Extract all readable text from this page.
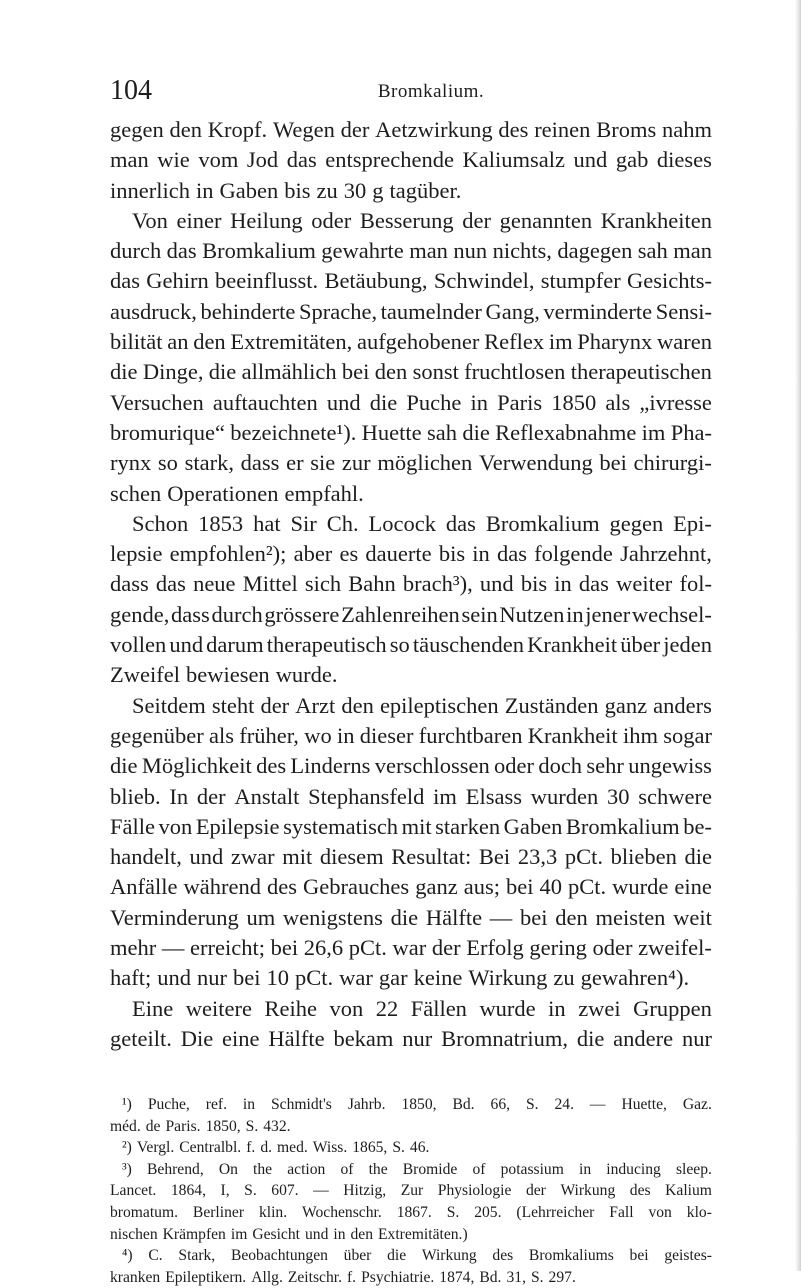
104	Bromkalium.
gegen den Kropf. Wegen der Aetzwirkung des reinen Broms nahm
man wie vom Jod das entsprechende Kaliumsalz und gab dieses
innerlich in Gaben bis zu 30 g tagüber.
Von einer Heilung oder Besserung der genannten Krankheiten
durch das Bromkalium gewahrte man nun nichts, dagegen sah man
das Gehirn beeinflusst. Betäubung, Schwindel, stumpfer Gesichts-
ausdruck, behinderte Sprache, taumelnder Gang, verminderte Sensi-
bilität an den Extremitäten, aufgehobener Reflex im Pharynx waren
die Dinge, die allmählich bei den sonst fruchtlosen therapeutischen
Versuchen auftauchten und die Puche in Paris 1850 als „ivresse
bromurique“ bezeichnete¹). Huette sah die Reflexabnahme im Pha-
rynx so stark, dass er sie zur möglichen Verwendung bei chirurgi-
schen Operationen empfahl.
Schon 1853 hat Sir Ch. Locock das Bromkalium gegen Epi-
lepsie empfohlen²); aber es dauerte bis in das folgende Jahrzehnt,
dass das neue Mittel sich Bahn brach³), und bis in das weiter fol-
gende, dass durch grössere Zahlenreihen sein Nutzen in jener wechsel-
vollen und darum therapeutisch so täuschenden Krankheit über jeden
Zweifel bewiesen wurde.
Seitdem steht der Arzt den epileptischen Zuständen ganz anders
gegenüber als früher, wo in dieser furchtbaren Krankheit ihm sogar
die Möglichkeit des Linderns verschlossen oder doch sehr ungewiss
blieb. In der Anstalt Stephansfeld im Elsass wurden 30 schwere
Fälle von Epilepsie systematisch mit starken Gaben Bromkalium be-
handelt, und zwar mit diesem Resultat: Bei 23,3 pCt. blieben die
Anfälle während des Gebrauches ganz aus; bei 40 pCt. wurde eine
Verminderung um wenigstens die Hälfte — bei den meisten weit
mehr — erreicht; bei 26,6 pCt. war der Erfolg gering oder zweifel-
haft; und nur bei 10 pCt. war gar keine Wirkung zu gewahren⁴).
Eine weitere Reihe von 22 Fällen wurde in zwei Gruppen
geteilt. Die eine Hälfte bekam nur Bromnatrium, die andere nur
¹) Puche, ref. in Schmidt's Jahrb. 1850, Bd. 66, S. 24. — Huette, Gaz.
méd. de Paris. 1850, S. 432.
²) Vergl. Centralbl. f. d. med. Wiss. 1865, S. 46.
³) Behrend, On the action of the Bromide of potassium in inducing sleep.
Lancet. 1864, I, S. 607. — Hitzig, Zur Physiologie der Wirkung des Kalium
bromatum. Berliner klin. Wochenschr. 1867. S. 205. (Lehrreicher Fall von klo-
nischen Krämpfen im Gesicht und in den Extremitäten.)
⁴) C. Stark, Beobachtungen über die Wirkung des Bromkaliums bei geistes-
kranken Epileptikern. Allg. Zeitschr. f. Psychiatrie. 1874, Bd. 31, S. 297.
